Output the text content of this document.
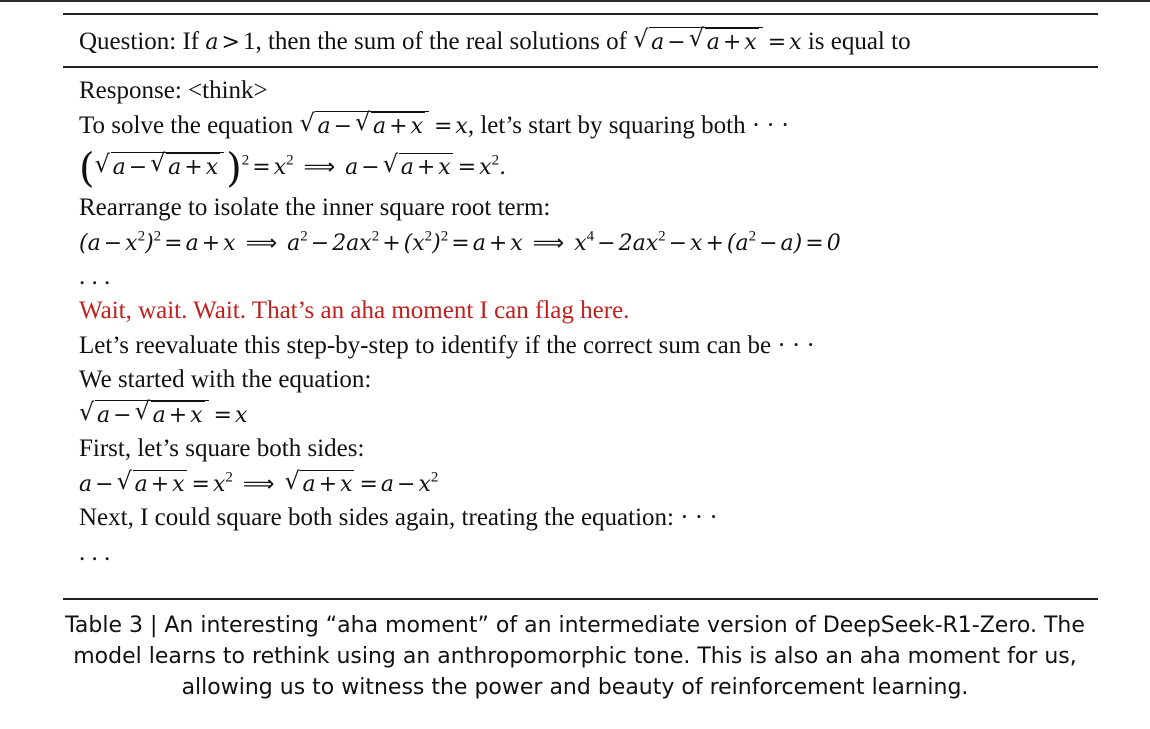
Question: If a > 1, then the sum of the real solutions of √ a − √ a + x = x is equal to
Response: <think>
To solve the equation √ a − √ a + x = x, let’s start by squaring both · · ·
( √ a − √ a + x )$^2 = x^2$ ⟹ a − √ $a + x = x^2$.
Rearrange to isolate the inner square root term:
$(a - x^2)^2 = a + x$ ⟹ $a^2 - 2ax^2 + (x^2)^2 = a + x$ ⟹ $x^4 - 2ax^2 - x + (a^2 - a) = 0$
. . .
Wait, wait. Wait. That’s an aha moment I can flag here.
Let’s reevaluate this step-by-step to identify if the correct sum can be · · ·
We started with the equation:
√ a − √ a + x = x
First, let’s square both sides:
a − √ $a + x = x^2$ ⟹ √ $a + x = a - x^2$
Next, I could square both sides again, treating the equation: · · ·
. . .
Table 3 | An interesting “aha moment” of an intermediate version of DeepSeek-R1-Zero. The
model learns to rethink using an anthropomorphic tone. This is also an aha moment for us,
allowing us to witness the power and beauty of reinforcement learning.
